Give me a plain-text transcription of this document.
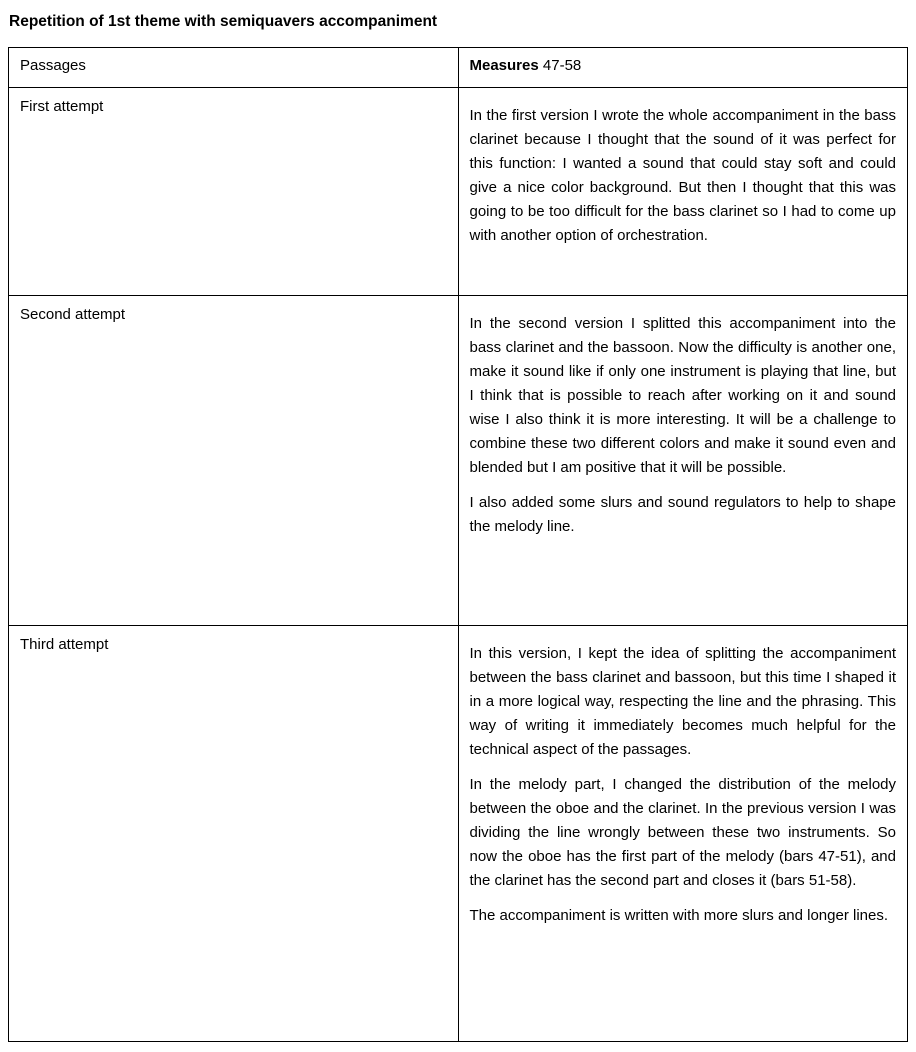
Repetition of 1st theme with semiquavers accompaniment
Passages	Measures 47-58
First attempt	In the first version I wrote the whole accompaniment in the bass clarinet because I thought that the sound of it was perfect for this function: I wanted a sound that could stay soft and could give a nice color background. But then I thought that this was going to be too difficult for the bass clarinet so I had to come up with another option of orchestration.

Second attempt	In the second version I splitted this accompaniment into the bass clarinet and the bassoon. Now the difficulty is another one, make it sound like if only one instrument is playing that line, but I think that is possible to reach after working on it and sound wise I also think it is more interesting. It will be a challenge to combine these two different colors and make it sound even and blended but I am positive that it will be possible.

I also added some slurs and sound regulators to help to shape the melody line.

Third attempt	In this version, I kept the idea of splitting the accompaniment between the bass clarinet and bassoon, but this time I shaped it in a more logical way, respecting the line and the phrasing. This way of writing it immediately becomes much helpful for the technical aspect of the passages.

In the melody part, I changed the distribution of the melody between the oboe and the clarinet. In the previous version I was dividing the line wrongly between these two instruments. So now the oboe has the first part of the melody (bars 47-51), and the clarinet has the second part and closes it (bars 51-58).

The accompaniment is written with more slurs and longer lines.
